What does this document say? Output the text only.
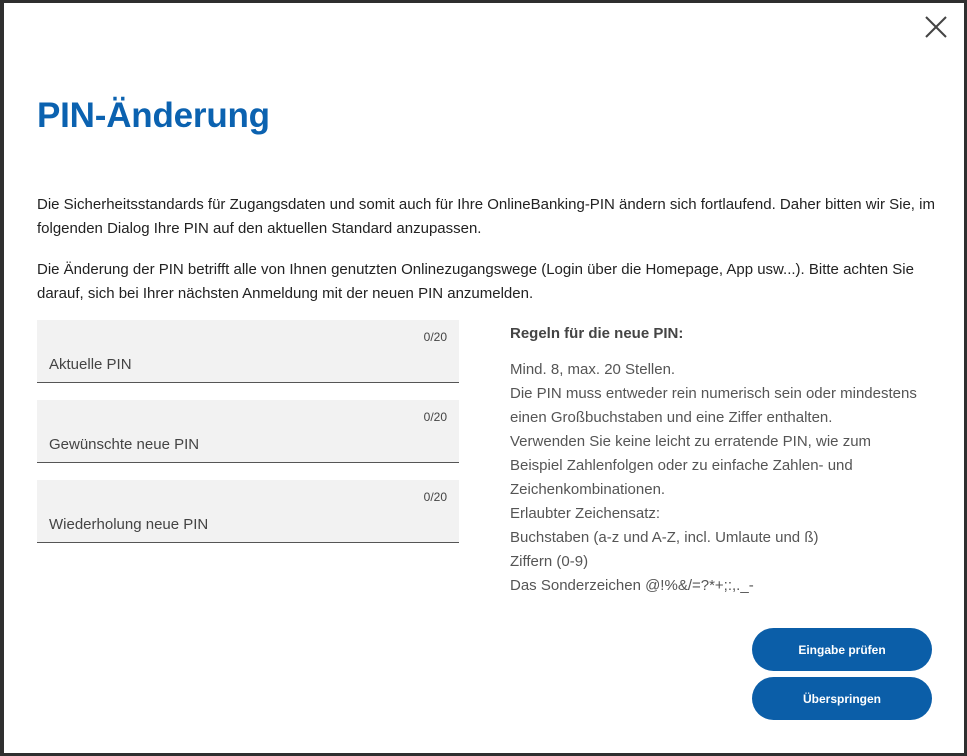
PIN-Änderung

Die Sicherheitsstandards für Zugangsdaten und somit auch für Ihre OnlineBanking-PIN ändern sich fortlaufend. Daher bitten wir Sie, im folgenden Dialog Ihre PIN auf den aktuellen Standard anzupassen.

Die Änderung der PIN betrifft alle von Ihnen genutzten Onlinezugangswege (Login über die Homepage, App usw...). Bitte achten Sie darauf, sich bei Ihrer nächsten Anmeldung mit der neuen PIN anzumelden.

0/20
Aktuelle PIN
0/20
Gewünschte neue PIN
0/20
Wiederholung neue PIN
Regeln für die neue PIN:
Mind. 8, max. 20 Stellen.
Die PIN muss entweder rein numerisch sein oder mindestens
einen Großbuchstaben und eine Ziffer enthalten.
Verwenden Sie keine leicht zu erratende PIN, wie zum
Beispiel Zahlenfolgen oder zu einfache Zahlen- und
Zeichenkombinationen.
Erlaubter Zeichensatz:
Buchstaben (a-z und A-Z, incl. Umlaute und ß)
Ziffern (0-9)
Das Sonderzeichen @!%&/=?*+;:,._-
Eingabe prüfen
Überspringen
